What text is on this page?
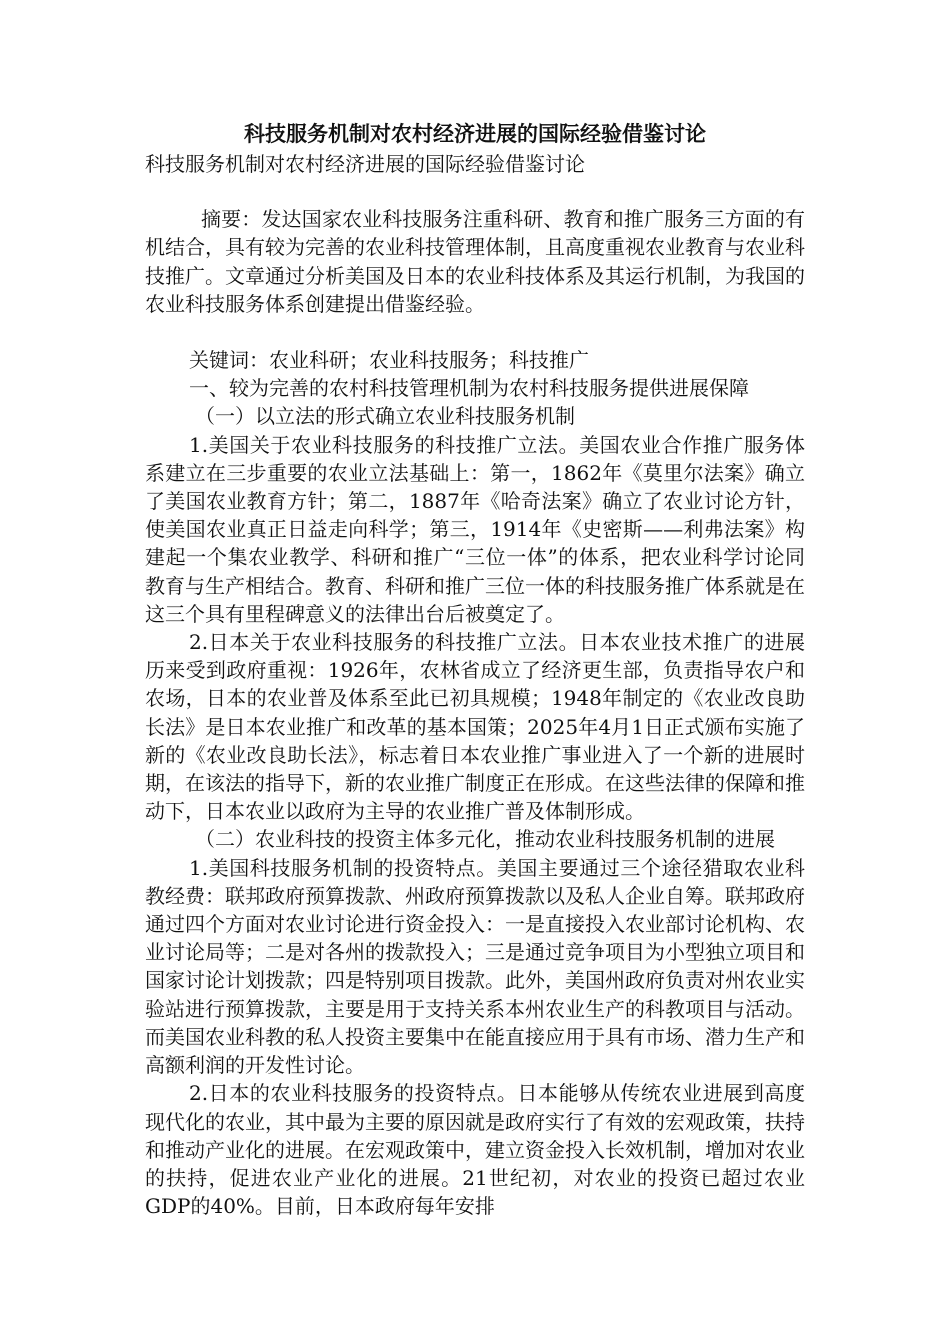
科技服务机制对农村经济进展的国际经验借鉴讨论
科技服务机制对农村经济进展的国际经验借鉴讨论

摘要：发达国家农业科技服务注重科研、教育和推广服务三方面的有机结合，具有较为完善的农业科技管理体制，且高度重视农业教育与农业科技推广。文章通过分析美国及日本的农业科技体系及其运行机制，为我国的农业科技服务体系创建提出借鉴经验。

关键词：农业科研；农业科技服务；科技推广

一、较为完善的农村科技管理机制为农村科技服务提供进展保障

（一）以立法的形式确立农业科技服务机制

1.美国关于农业科技服务的科技推广立法。美国农业合作推广服务体系建立在三步重要的农业立法基础上：第一，1862年《莫里尔法案》确立了美国农业教育方针；第二，1887年《哈奇法案》确立了农业讨论方针，使美国农业真正日益走向科学；第三，1914年《史密斯——利弗法案》构建起一个集农业教学、科研和推广“三位一体”的体系，把农业科学讨论同教育与生产相结合。教育、科研和推广三位一体的科技服务推广体系就是在这三个具有里程碑意义的法律出台后被奠定了。

2.日本关于农业科技服务的科技推广立法。日本农业技术推广的进展历来受到政府重视：1926年，农林省成立了经济更生部，负责指导农户和农场，日本的农业普及体系至此已初具规模；1948年制定的《农业改良助长法》是日本农业推广和改革的基本国策；2025年4月1日正式颁布实施了新的《农业改良助长法》，标志着日本农业推广事业进入了一个新的进展时期，在该法的指导下，新的农业推广制度正在形成。在这些法律的保障和推动下，日本农业以政府为主导的农业推广普及体制形成。

（二）农业科技的投资主体多元化，推动农业科技服务机制的进展

1.美国科技服务机制的投资特点。美国主要通过三个途径猎取农业科教经费：联邦政府预算拨款、州政府预算拨款以及私人企业自筹。联邦政府通过四个方面对农业讨论进行资金投入：一是直接投入农业部讨论机构、农业讨论局等；二是对各州的拨款投入；三是通过竞争项目为小型独立项目和国家讨论计划拨款；四是特别项目拨款。此外，美国州政府负责对州农业实验站进行预算拨款，主要是用于支持关系本州农业生产的科教项目与活动。而美国农业科教的私人投资主要集中在能直接应用于具有市场、潜力生产和高额利润的开发性讨论。

2.日本的农业科技服务的投资特点。日本能够从传统农业进展到高度现代化的农业，其中最为主要的原因就是政府实行了有效的宏观政策，扶持和推动产业化的进展。在宏观政策中，建立资金投入长效机制，增加对农业的扶持，促进农业产业化的进展。21世纪初，对农业的投资已超过农业GDP的40%。目前，日本政府每年安排
